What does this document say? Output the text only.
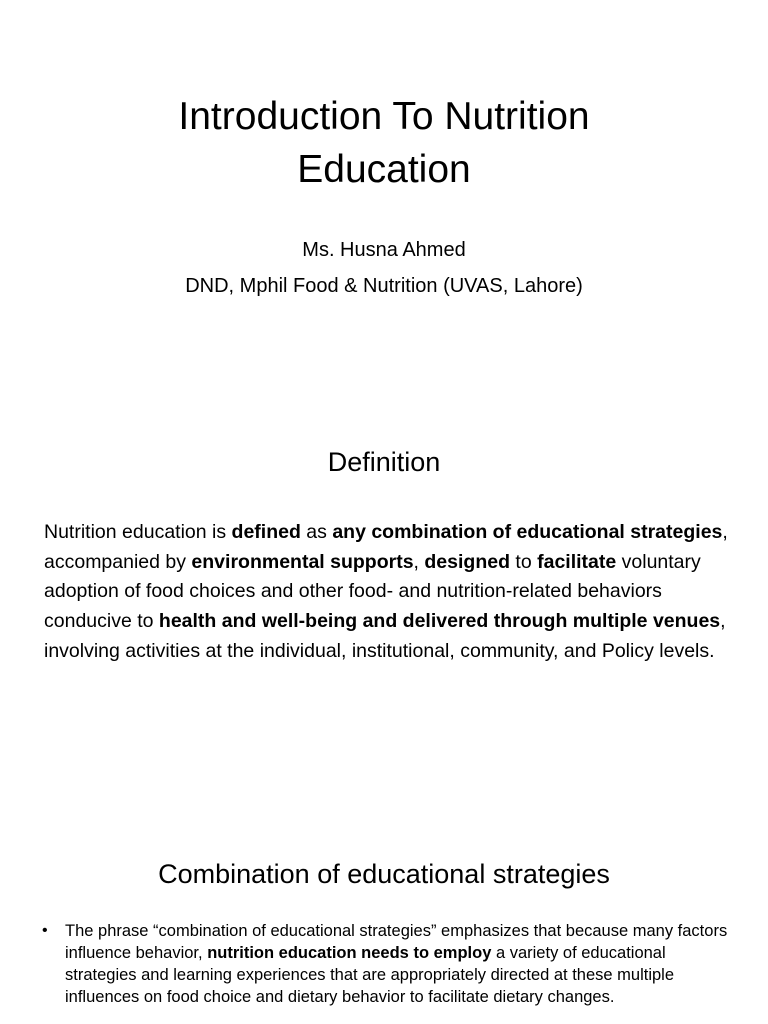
Introduction To Nutrition
Education
Ms. Husna Ahmed
DND, Mphil Food & Nutrition (UVAS, Lahore)
Definition

Nutrition education is defined as any combination of educational strategies, accompanied by environmental supports, designed to facilitate voluntary adoption of food choices and other food- and nutrition-related behaviors conducive to health and well-being and delivered through multiple venues, involving activities at the individual, institutional, community, and Policy levels.

Combination of educational strategies
• The phrase “combination of educational strategies” emphasizes that because many factors influence behavior, nutrition education needs to employ a variety of educational strategies and learning experiences that are appropriately directed at these multiple influences on food choice and dietary behavior to facilitate dietary changes.
